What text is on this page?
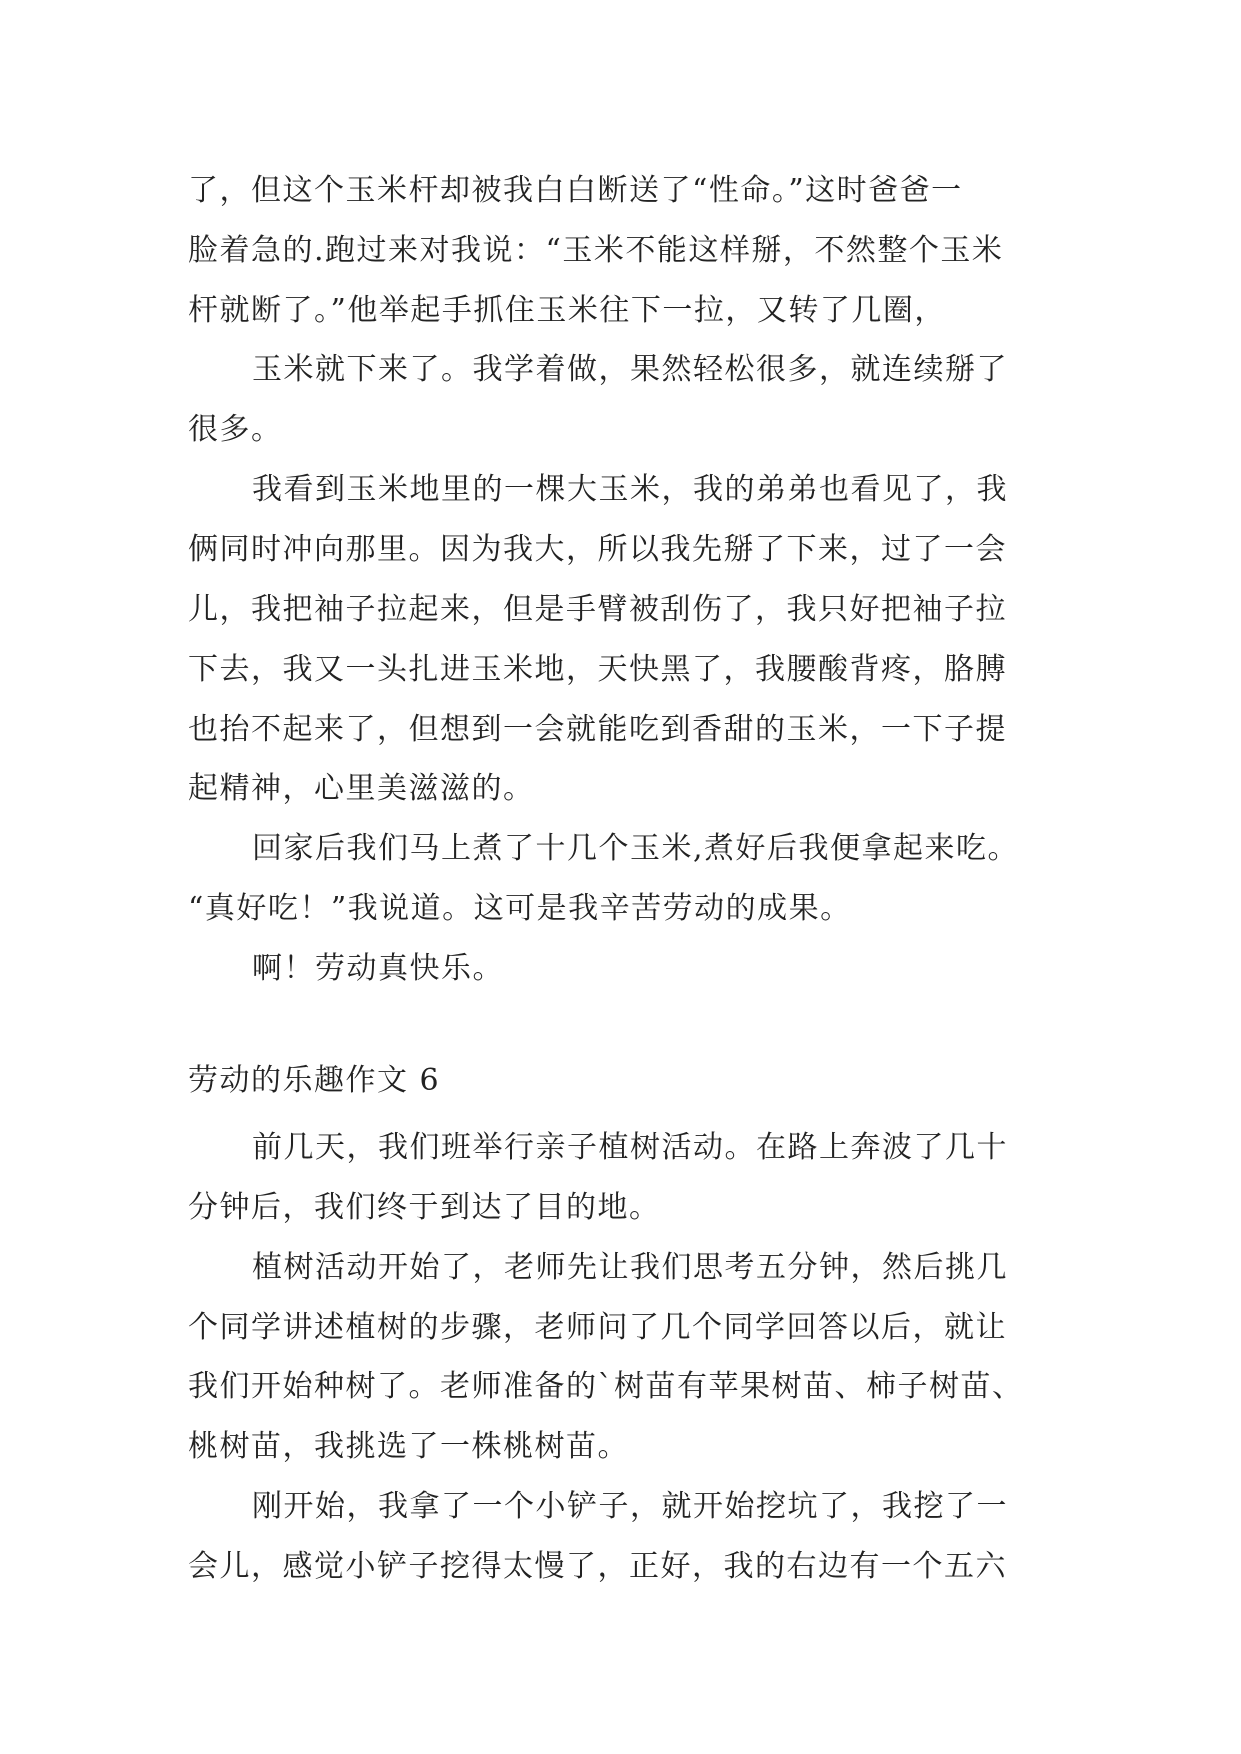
了，但这个玉米杆却被我白白断送了“性命。”这时爸爸一

脸着急的.跑过来对我说：“玉米不能这样掰，不然整个玉米

杆就断了。”他举起手抓住玉米往下一拉，又转了几圈，

玉米就下来了。我学着做，果然轻松很多，就连续掰了

很多。

我看到玉米地里的一棵大玉米，我的弟弟也看见了，我

俩同时冲向那里。因为我大，所以我先掰了下来，过了一会

儿，我把袖子拉起来，但是手臂被刮伤了，我只好把袖子拉

下去，我又一头扎进玉米地，天快黑了，我腰酸背疼，胳膊

也抬不起来了，但想到一会就能吃到香甜的玉米，一下子提

起精神，心里美滋滋的。

回家后我们马上煮了十几个玉米,煮好后我便拿起来吃。

“真好吃！”我说道。这可是我辛苦劳动的成果。

啊！劳动真快乐。

劳动的乐趣作文 6

前几天，我们班举行亲子植树活动。在路上奔波了几十

分钟后，我们终于到达了目的地。

植树活动开始了，老师先让我们思考五分钟，然后挑几

个同学讲述植树的步骤，老师问了几个同学回答以后，就让

我们开始种树了。老师准备的`树苗有苹果树苗、柿子树苗、

桃树苗，我挑选了一株桃树苗。

刚开始，我拿了一个小铲子，就开始挖坑了，我挖了一

会儿，感觉小铲子挖得太慢了，正好，我的右边有一个五六
